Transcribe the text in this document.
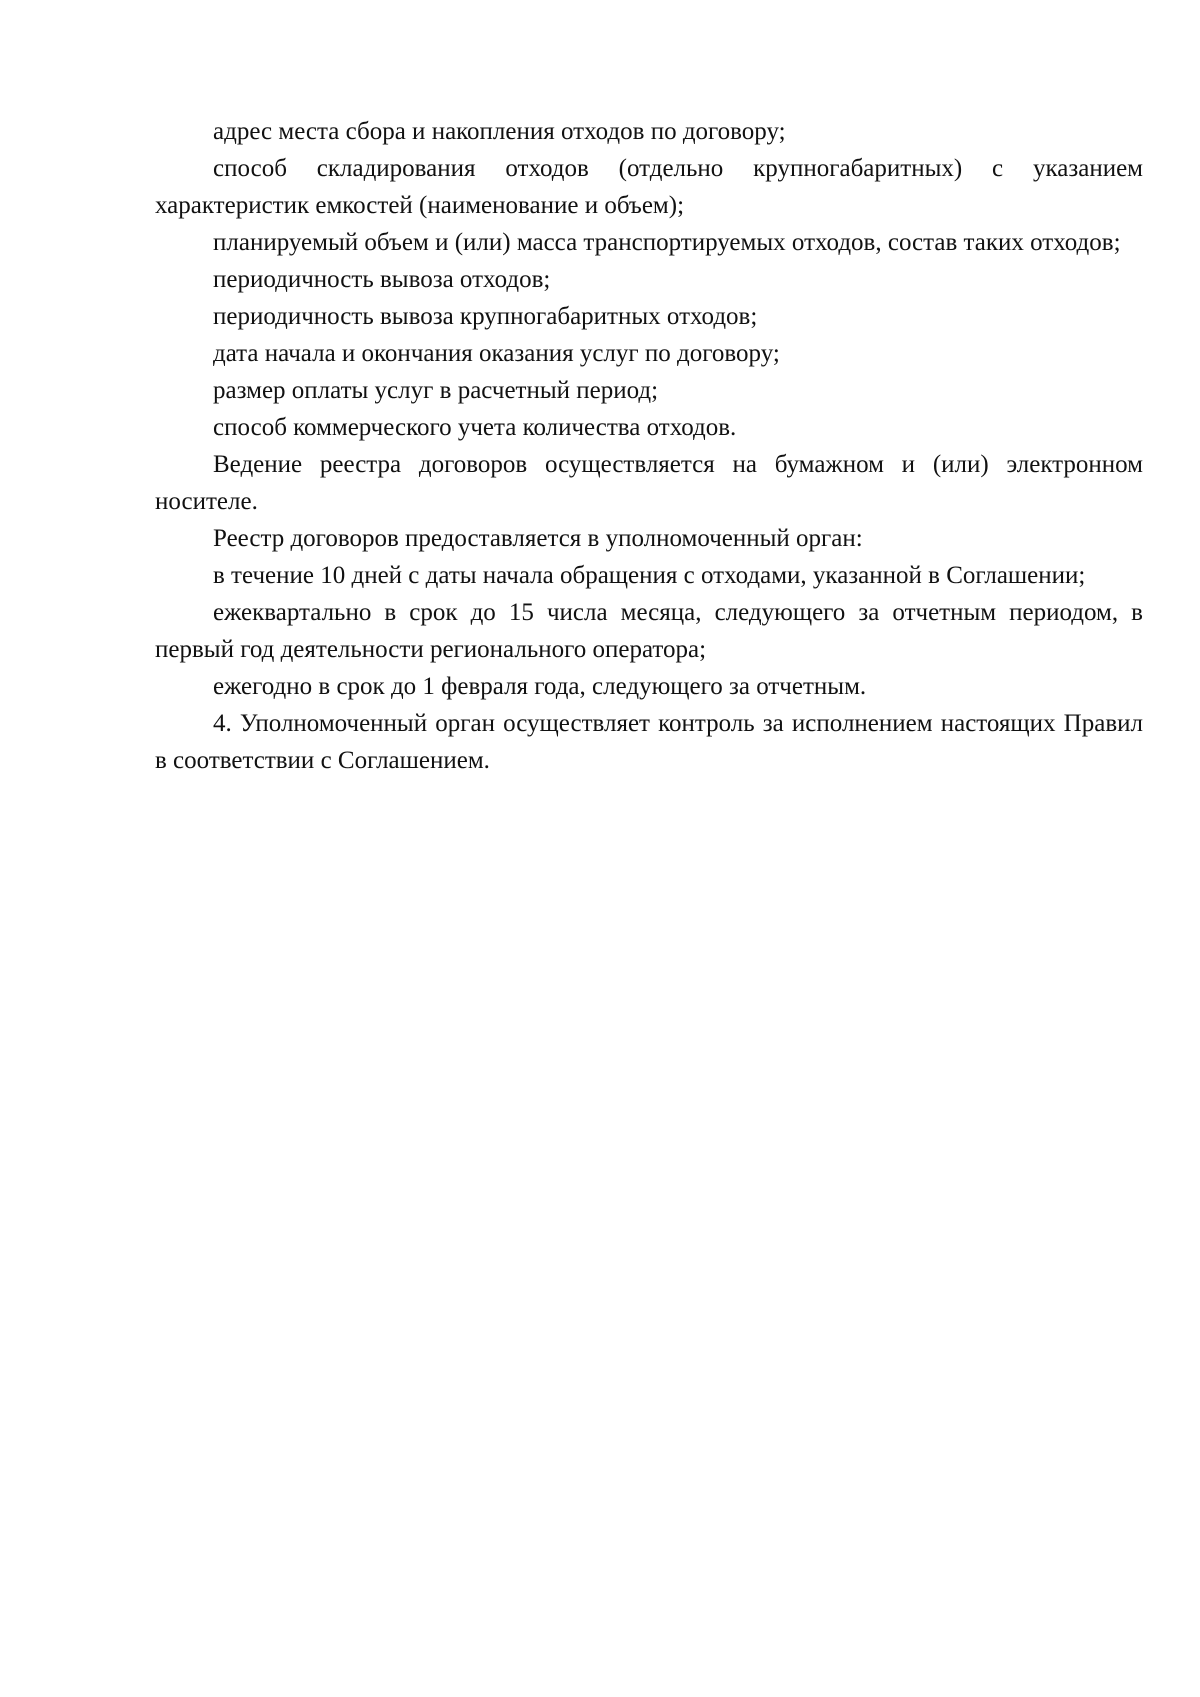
адрес места сбора и накопления отходов по договору;

способ складирования отходов (отдельно крупногабаритных) с указанием характеристик емкостей (наименование и объем);

планируемый объем и (или) масса транспортируемых отходов, состав таких отходов;

периодичность вывоза отходов;

периодичность вывоза крупногабаритных отходов;

дата начала и окончания оказания услуг по договору;

размер оплаты услуг в расчетный период;

способ коммерческого учета количества отходов.

Ведение реестра договоров осуществляется на бумажном и (или) электронном носителе.

Реестр договоров предоставляется в уполномоченный орган:

в течение 10 дней с даты начала обращения с отходами, указанной в Соглашении;

ежеквартально в срок до 15 числа месяца, следующего за отчетным периодом, в первый год деятельности регионального оператора;

ежегодно в срок до 1 февраля года, следующего за отчетным.

4. Уполномоченный орган осуществляет контроль за исполнением настоящих Правил в соответствии с Соглашением.
